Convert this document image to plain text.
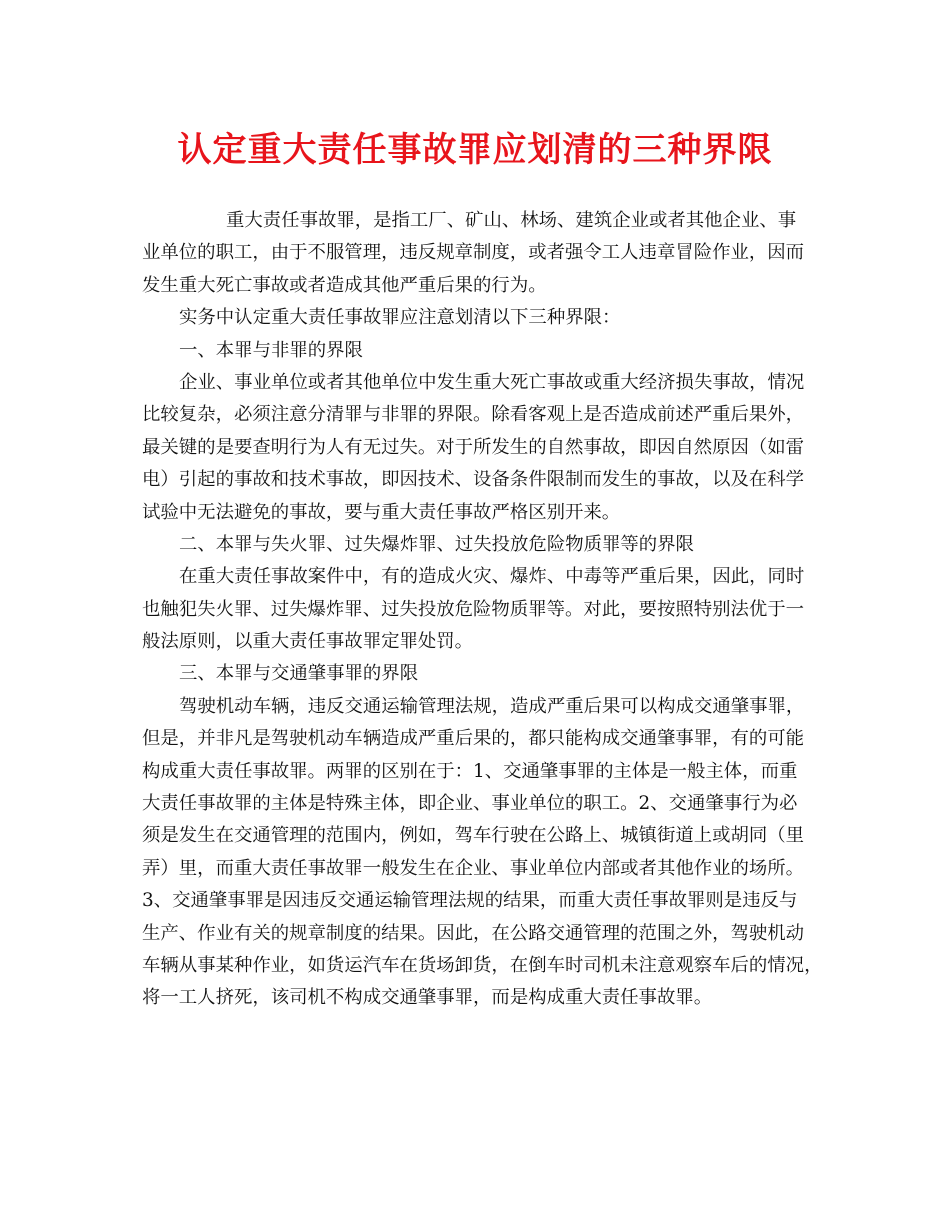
认定重大责任事故罪应划清的三种界限
重大责任事故罪，是指工厂、矿山、林场、建筑企业或者其他企业、事
业单位的职工，由于不服管理，违反规章制度，或者强令工人违章冒险作业，因而
发生重大死亡事故或者造成其他严重后果的行为。
实务中认定重大责任事故罪应注意划清以下三种界限：
一、本罪与非罪的界限
企业、事业单位或者其他单位中发生重大死亡事故或重大经济损失事故，情况
比较复杂，必须注意分清罪与非罪的界限。除看客观上是否造成前述严重后果外，
最关键的是要查明行为人有无过失。对于所发生的自然事故，即因自然原因（如雷
电）引起的事故和技术事故，即因技术、设备条件限制而发生的事故，以及在科学
试验中无法避免的事故，要与重大责任事故严格区别开来。
二、本罪与失火罪、过失爆炸罪、过失投放危险物质罪等的界限
在重大责任事故案件中，有的造成火灾、爆炸、中毒等严重后果，因此，同时
也触犯失火罪、过失爆炸罪、过失投放危险物质罪等。对此，要按照特别法优于一
般法原则，以重大责任事故罪定罪处罚。
三、本罪与交通肇事罪的界限
驾驶机动车辆，违反交通运输管理法规，造成严重后果可以构成交通肇事罪，
但是，并非凡是驾驶机动车辆造成严重后果的，都只能构成交通肇事罪，有的可能
构成重大责任事故罪。两罪的区别在于：1、交通肇事罪的主体是一般主体，而重
大责任事故罪的主体是特殊主体，即企业、事业单位的职工。2、交通肇事行为必
须是发生在交通管理的范围内，例如，驾车行驶在公路上、城镇街道上或胡同（里
弄）里，而重大责任事故罪一般发生在企业、事业单位内部或者其他作业的场所。
3、交通肇事罪是因违反交通运输管理法规的结果，而重大责任事故罪则是违反与
生产、作业有关的规章制度的结果。因此，在公路交通管理的范围之外，驾驶机动
车辆从事某种作业，如货运汽车在货场卸货，在倒车时司机未注意观察车后的情况，
将一工人挤死，该司机不构成交通肇事罪，而是构成重大责任事故罪。
